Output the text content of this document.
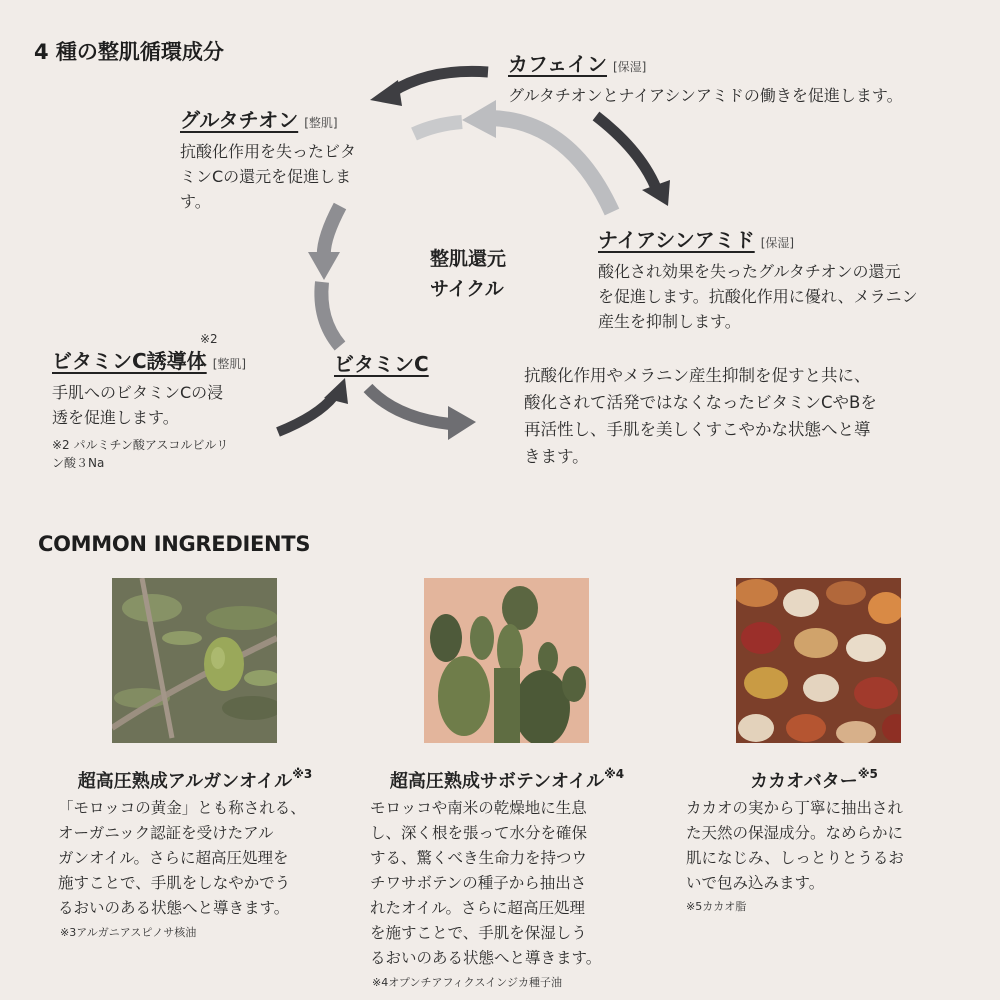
4 種の整肌循環成分	カフェイン [保湿]
グルタチオンとナイアシンアミドの働きを促進します。
グルタチオン [整肌]
抗酸化作用を失ったビタ
ミンCの還元を促進しま
す。
整肌還元
サイクル
ナイアシンアミド [保湿]
酸化され効果を失ったグルタチオンの還元
を促進します。抗酸化作用に優れ、メラニン
産生を抑制します。
※2
ビタミンC誘導体 [整肌]
手肌へのビタミンCの浸
透を促進します。
※2 パルミチン酸アスコルビルリ
ン酸３Na
ビタミンC	抗酸化作用やメラニン産生抑制を促すと共に、
酸化されて活発ではなくなったビタミンCやBを
再活性し、手肌を美しくすこやかな状態へと導
きます。
COMMON INGREDIENTS
超高圧熟成アルガンオイル$^{※3}$
「モロッコの黄金」とも称される、
オーガニック認証を受けたアル
ガンオイル。さらに超高圧処理を
施すことで、手肌をしなやかでう
るおいのある状態へと導きます。
※3アルガニアスピノサ核油
超高圧熟成サボテンオイル$^{※4}$
モロッコや南米の乾燥地に生息
し、深く根を張って水分を確保
する、驚くべき生命力を持つウ
チワサボテンの種子から抽出さ
れたオイル。さらに超高圧処理
を施すことで、手肌を保湿しう
るおいのある状態へと導きます。
※4オプンチアフィクスインジカ種子油
カカオバター$^{※5}$
カカオの実から丁寧に抽出され
た天然の保湿成分。なめらかに
肌になじみ、しっとりとうるお
いで包み込みます。
※5カカオ脂
